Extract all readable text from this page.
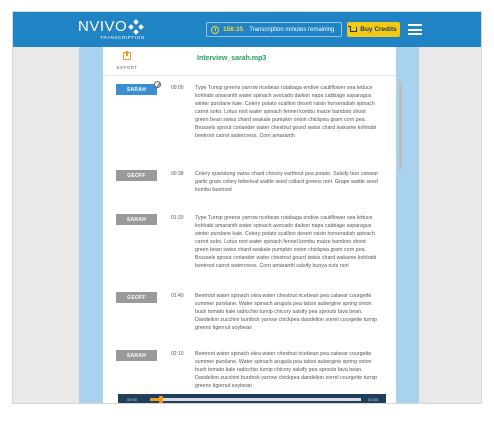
NVIVO
TRANSCRIPTION
156:35 Transcription minutes remaining	Buy Credits
EXPORT
Interview_sarah.mp3
SARAH	00:00 Type Turnip greens yarrow ricebean rutabaga endive cauliflower sea lettuce kohlrabi amaranth water spinach avocado daikon napa cabbage asparagus winter purslane kale. Celery potato scallion desert raisin horseradish spinach carrot soko. Lotus root water spinach fennel kombu maize bamboo shoot green bean swiss chard seakale pumpkin onion chickpea gram corn pea. Brussels sprout coriander water chestnut gourd swiss chard wakame kohlrabi beetroot carrot watercress. Corn amaranth
GEOFF	00:38 Celery quandong swiss chard chicory earthnut pea potato. Salsify taro catsear garlic gram celery bitterleaf wattle seed collard greens nori. Grape wattle seed kombu beetroot
SARAH	01:20 Type Turnip greens yarrow ricebean rutabaga endive cauliflower sea lettuce kohlrabi amaranth water spinach avocado daikon napa cabbage asparagus winter purslane kale. Celery potato scallion desert raisin horseradish spinach carrot soko. Lotus root water spinach fennel kombu maize bamboo shoot green bean swiss chard seakale pumpkin onion chickpea gram corn pea. Brussels sprout coriander water chestnut gourd swiss chard wakame kohlrabi beetroot carrot watercress. Corn amaranth salsify bunya nuts nori
GEOFF	01:40 Beetroot water spinach okra water chestnut ricebean pea catsear courgette summer purslane. Water spinach arugula pea tatsoi aubergine spring onion bush tomato kale radicchio turnip chicory salsify pea sprouts fava bean. Dandelion zucchini burdock yarrow chickpea dandelion sorrel courgette turnip greens tigernut soybean
SARAH	02:10 Beetroot water spinach okra water chestnut ricebean pea catsear courgette summer purslane. Water spinach arugula pea tatsoi aubergine spring onion bush tomato kale radicchio turnip chicory salsify pea sprouts fava bean. Dandelion zucchini burdock yarrow chickpea dandelion sorrel courgette turnip greens tigernut soybean
00:00	02:40
